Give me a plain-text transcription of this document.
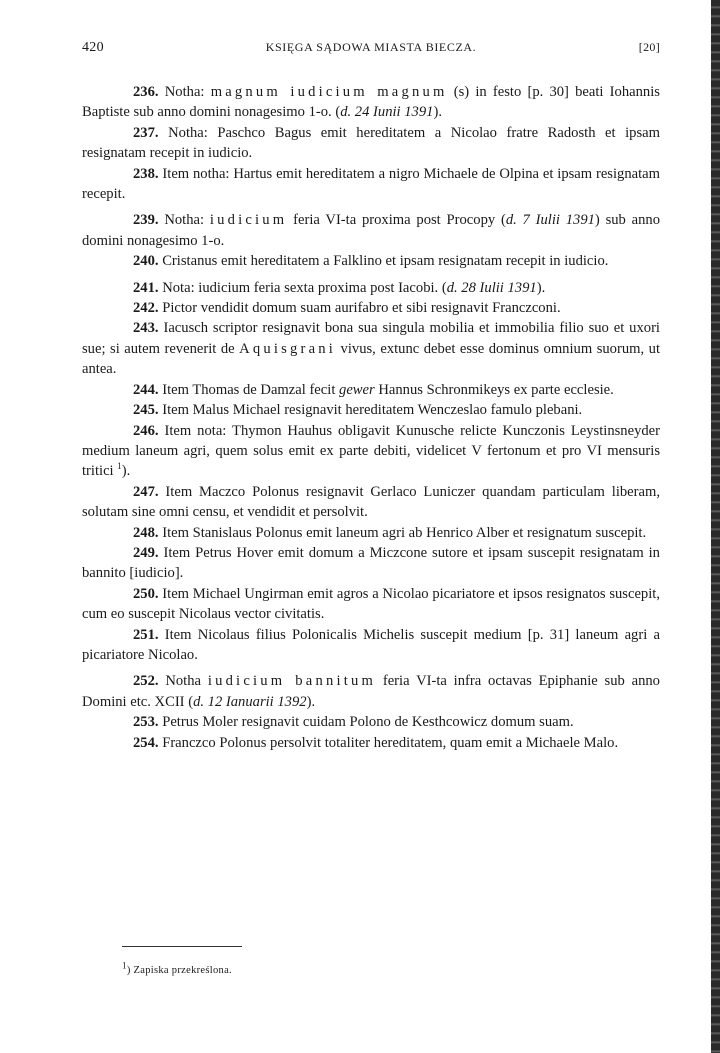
420	KSIĘGA SĄDOWA MIASTA BIECZA.	[20]

236. Notha: magnum iudicium magnum (s) in festo [p. 30] beati Iohannis Baptiste sub anno domini nonagesimo 1-o. (d. 24 Iunii 1391).

237. Notha: Paschco Bagus emit hereditatem a Nicolao fratre Radosth et ipsam resignatam recepit in iudicio.

238. Item notha: Hartus emit hereditatem a nigro Michaele de Olpina et ipsam resignatam recepit.

239. Notha: iudicium feria VI-ta proxima post Procopy (d. 7 Iulii 1391) sub anno domini nonagesimo 1-o.

240. Cristanus emit hereditatem a Falklino et ipsam resignatam recepit in iudicio.

241. Nota: iudicium feria sexta proxima post Iacobi. (d. 28 Iulii 1391).

242. Pictor vendidit domum suam aurifabro et sibi resignavit Franczconi.

243. Iacusch scriptor resignavit bona sua singula mobilia et immobilia filio suo et uxori sue; si autem revenerit de Aquisgrani vivus, extunc debet esse dominus omnium suorum, ut antea.

244. Item Thomas de Damzal fecit gewer Hannus Schronmikeys ex parte ecclesie.

245. Item Malus Michael resignavit hereditatem Wenczeslao famulo plebani.

246. Item nota: Thymon Hauhus obligavit Kunusche relicte Kunczonis Leystinsneyder medium laneum agri, quem solus emit ex parte debiti, videlicet V fertonum et pro VI mensuris tritici $^1$).

247. Item Maczco Polonus resignavit Gerlaco Luniczer quandam particulam liberam, solutam sine omni censu, et vendidit et persolvit.

248. Item Stanislaus Polonus emit laneum agri ab Henrico Alber et resignatum suscepit.

249. Item Petrus Hover emit domum a Miczcone sutore et ipsam suscepit resignatam in bannito [iudicio].

250. Item Michael Ungirman emit agros a Nicolao picariatore et ipsos resignatos suscepit, cum eo suscepit Nicolaus vector civitatis.

251. Item Nicolaus filius Polonicalis Michelis suscepit medium [p. 31] laneum agri a picariatore Nicolao.

252. Notha iudicium bannitum feria VI-ta infra octavas Epiphanie sub anno Domini etc. XCII (d. 12 Ianuarii 1392).

253. Petrus Moler resignavit cuidam Polono de Kesthcowicz domum suam.

254. Franczco Polonus persolvit totaliter hereditatem, quam emit a Michaele Malo.

$^1$) Zapiska przekreślona.
